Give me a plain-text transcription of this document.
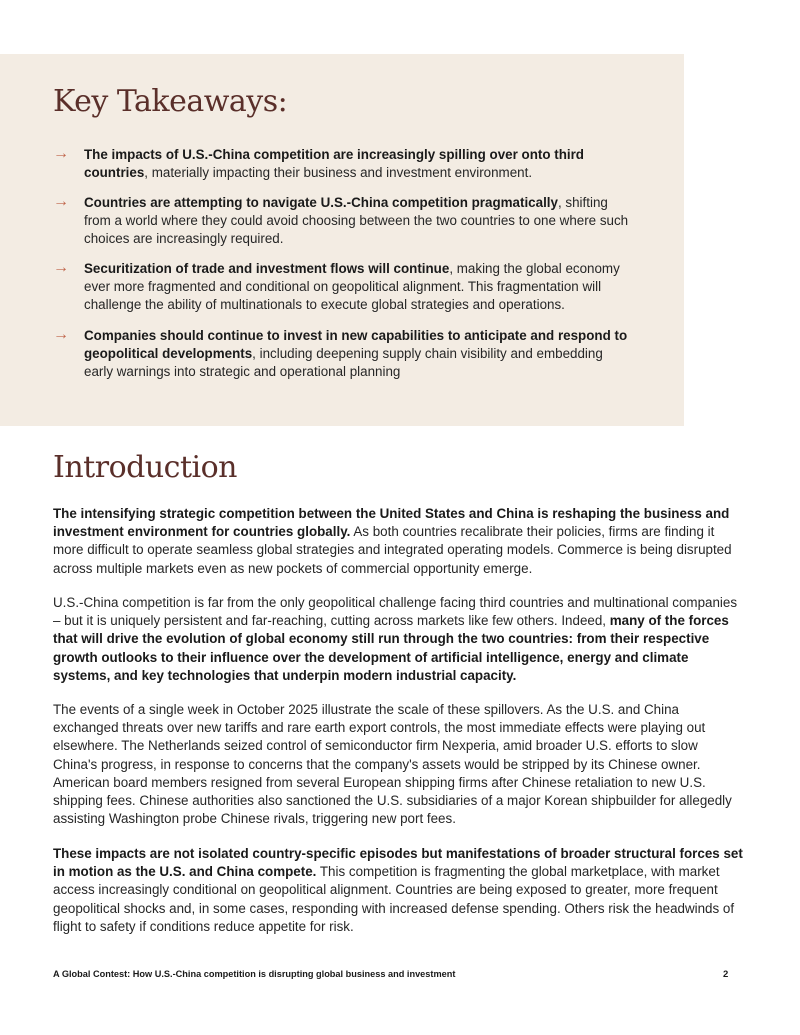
Key Takeaways:
→ The impacts of U.S.-China competition are increasingly spilling over onto third countries, materially impacting their business and investment environment.
→ Countries are attempting to navigate U.S.-China competition pragmatically, shifting from a world where they could avoid choosing between the two countries to one where such choices are increasingly required.
→ Securitization of trade and investment flows will continue, making the global economy ever more fragmented and conditional on geopolitical alignment. This fragmentation will challenge the ability of multinationals to execute global strategies and operations.
→ Companies should continue to invest in new capabilities to anticipate and respond to geopolitical developments, including deepening supply chain visibility and embedding early warnings into strategic and operational planning
Introduction

The intensifying strategic competition between the United States and China is reshaping the business and investment environment for countries globally. As both countries recalibrate their policies, firms are finding it more difficult to operate seamless global strategies and integrated operating models. Commerce is being disrupted across multiple markets even as new pockets of commercial opportunity emerge.

U.S.-China competition is far from the only geopolitical challenge facing third countries and multinational companies – but it is uniquely persistent and far-reaching, cutting across markets like few others. Indeed, many of the forces that will drive the evolution of global economy still run through the two countries: from their respective growth outlooks to their influence over the development of artificial intelligence, energy and climate systems, and key technologies that underpin modern industrial capacity.

The events of a single week in October 2025 illustrate the scale of these spillovers. As the U.S. and China exchanged threats over new tariffs and rare earth export controls, the most immediate effects were playing out elsewhere. The Netherlands seized control of semiconductor firm Nexperia, amid broader U.S. efforts to slow China's progress, in response to concerns that the company's assets would be stripped by its Chinese owner. American board members resigned from several European shipping firms after Chinese retaliation to new U.S. shipping fees. Chinese authorities also sanctioned the U.S. subsidiaries of a major Korean shipbuilder for allegedly assisting Washington probe Chinese rivals, triggering new port fees.

These impacts are not isolated country-specific episodes but manifestations of broader structural forces set in motion as the U.S. and China compete. This competition is fragmenting the global marketplace, with market access increasingly conditional on geopolitical alignment. Countries are being exposed to greater, more frequent geopolitical shocks and, in some cases, responding with increased defense spending. Others risk the headwinds of flight to safety if conditions reduce appetite for risk.

A Global Contest: How U.S.-China competition is disrupting global business and investment	2
